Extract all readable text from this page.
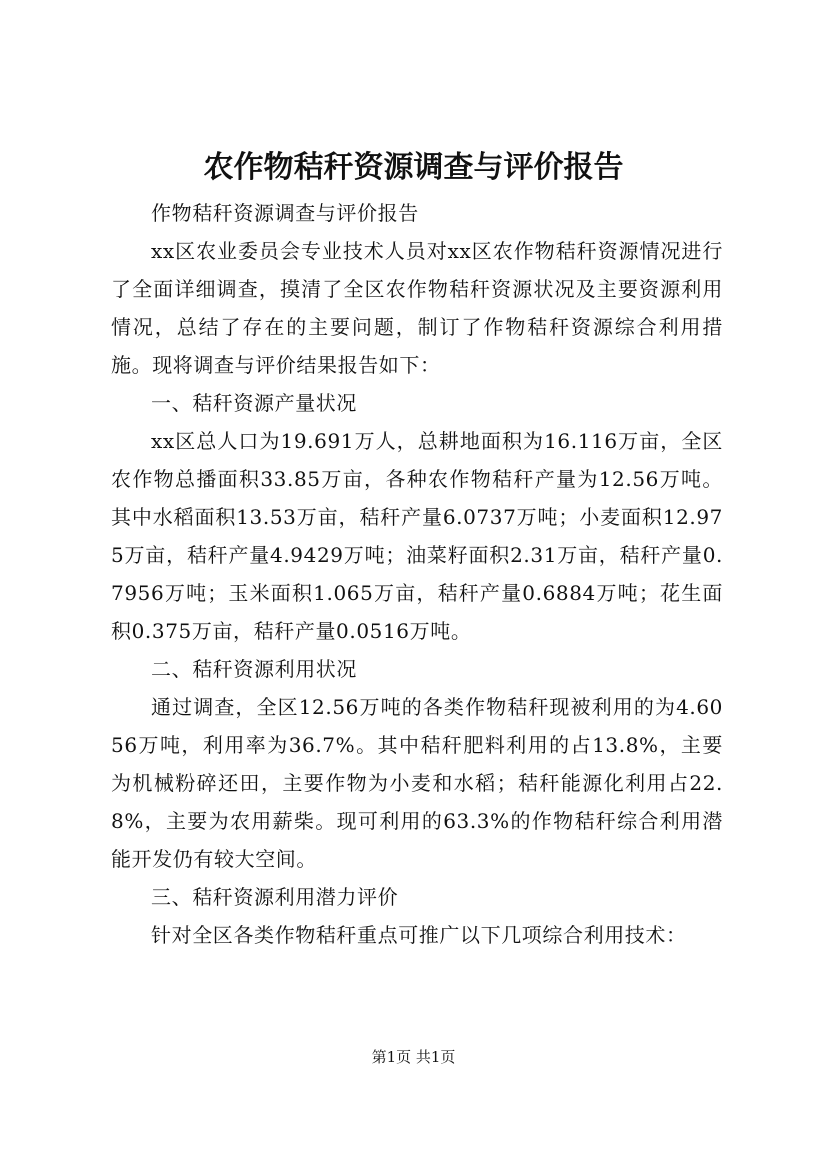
农作物秸秆资源调查与评价报告

作物秸秆资源调查与评价报告

xx区农业委员会专业技术人员对xx区农作物秸秆资源情况进行了全面详细调查，摸清了全区农作物秸秆资源状况及主要资源利用情况，总结了存在的主要问题，制订了作物秸秆资源综合利用措施。现将调查与评价结果报告如下：

一、秸秆资源产量状况

xx区总人口为19.691万人，总耕地面积为16.116万亩，全区农作物总播面积33.85万亩，各种农作物秸秆产量为12.56万吨。其中水稻面积13.53万亩，秸秆产量6.0737万吨；小麦面积12.975万亩，秸秆产量4.9429万吨；油菜籽面积2.31万亩，秸秆产量0.7956万吨；玉米面积1.065万亩，秸秆产量0.6884万吨；花生面积0.375万亩，秸秆产量0.0516万吨。

二、秸秆资源利用状况

通过调查，全区12.56万吨的各类作物秸秆现被利用的为4.6056万吨，利用率为36.7%。其中秸秆肥料利用的占13.8%，主要为机械粉碎还田，主要作物为小麦和水稻；秸秆能源化利用占22.8%，主要为农用薪柴。现可利用的63.3%的作物秸秆综合利用潜能开发仍有较大空间。

三、秸秆资源利用潜力评价

针对全区各类作物秸秆重点可推广以下几项综合利用技术：

第1页 共1页
